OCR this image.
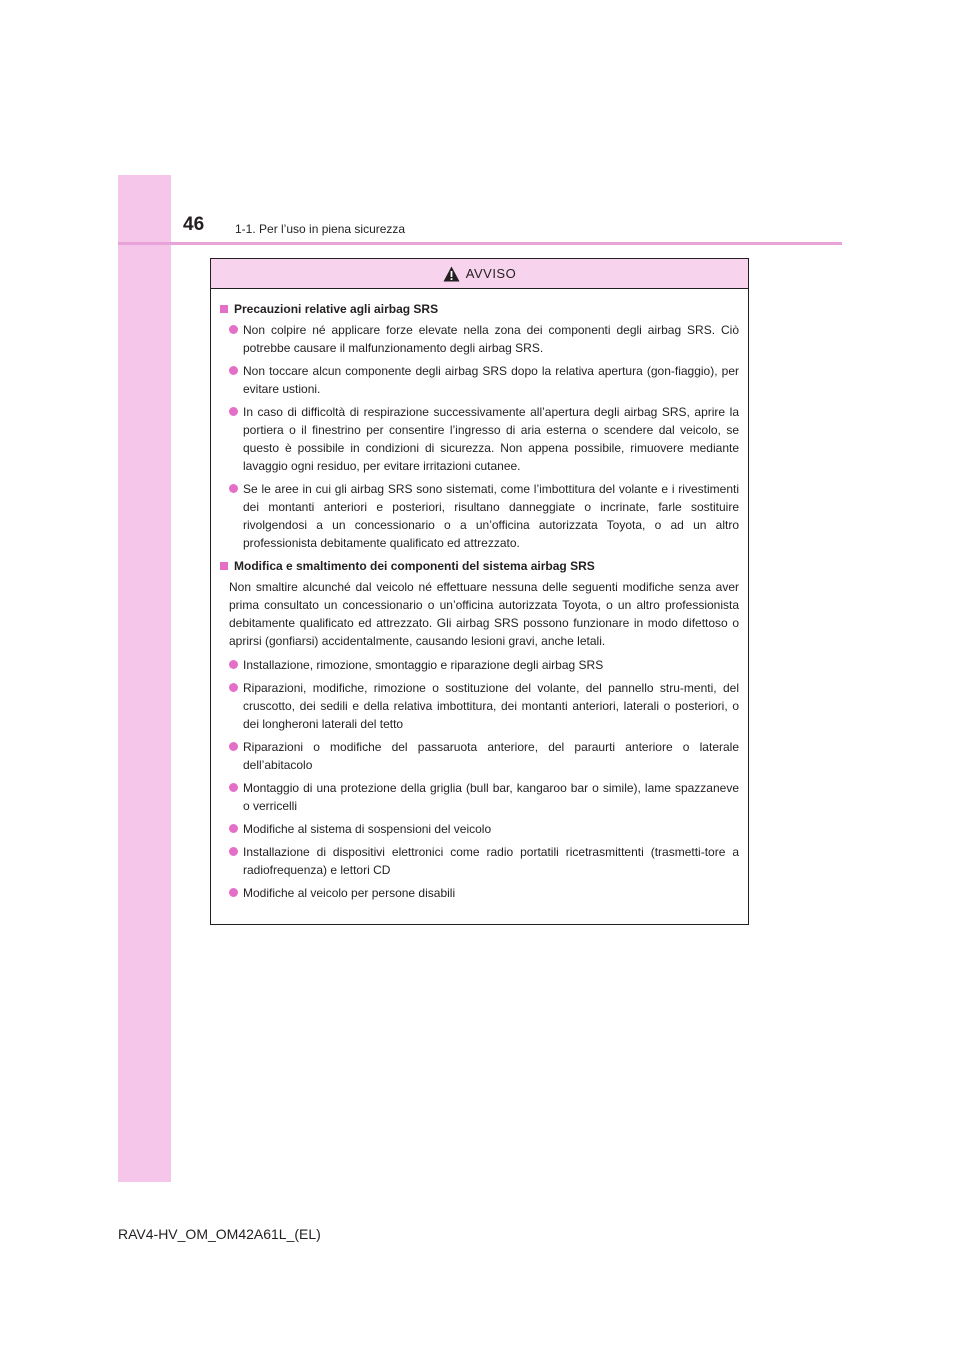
46	1-1. Per l’uso in piena sicurezza
AVVISO
Precauzioni relative agli airbag SRS
Non colpire né applicare forze elevate nella zona dei componenti degli airbag SRS. Ciò potrebbe causare il malfunzionamento degli airbag SRS.
Non toccare alcun componente degli airbag SRS dopo la relativa apertura (gon-fiaggio), per evitare ustioni.
In caso di difficoltà di respirazione successivamente all’apertura degli airbag SRS, aprire la portiera o il finestrino per consentire l’ingresso di aria esterna o scendere dal veicolo, se questo è possibile in condizioni di sicurezza. Non appena possibile, rimuovere mediante lavaggio ogni residuo, per evitare irritazioni cutanee.
Se le aree in cui gli airbag SRS sono sistemati, come l’imbottitura del volante e i rivestimenti dei montanti anteriori e posteriori, risultano danneggiate o incrinate, farle sostituire rivolgendosi a un concessionario o a un’officina autorizzata Toyota, o ad un altro professionista debitamente qualificato ed attrezzato.
Modifica e smaltimento dei componenti del sistema airbag SRS
Non smaltire alcunché dal veicolo né effettuare nessuna delle seguenti modifiche senza aver prima consultato un concessionario o un’officina autorizzata Toyota, o un altro professionista debitamente qualificato ed attrezzato. Gli airbag SRS possono funzionare in modo difettoso o aprirsi (gonfiarsi) accidentalmente, causando lesioni gravi, anche letali.
Installazione, rimozione, smontaggio e riparazione degli airbag SRS
Riparazioni, modifiche, rimozione o sostituzione del volante, del pannello stru-menti, del cruscotto, dei sedili e della relativa imbottitura, dei montanti anteriori, laterali o posteriori, o dei longheroni laterali del tetto
Riparazioni o modifiche del passaruota anteriore, del paraurti anteriore o laterale dell’abitacolo
Montaggio di una protezione della griglia (bull bar, kangaroo bar o simile), lame spazzaneve o verricelli
Modifiche al sistema di sospensioni del veicolo
Installazione di dispositivi elettronici come radio portatili ricetrasmittenti (trasmetti-tore a radiofrequenza) e lettori CD
Modifiche al veicolo per persone disabili
RAV4-HV_OM_OM42A61L_(EL)
